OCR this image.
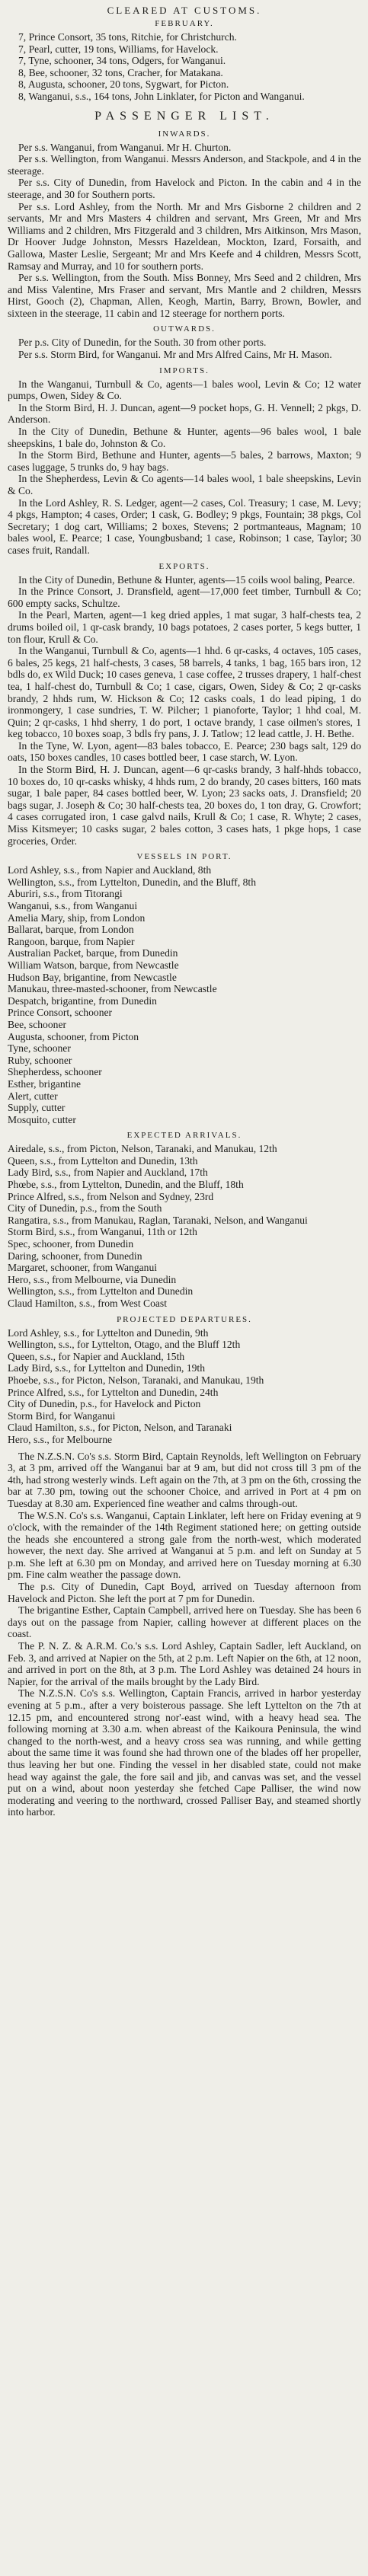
CLEARED AT CUSTOMS.
FEBRUARY.

7, Prince Consort, 35 tons, Ritchie, for Christchurch.

7, Pearl, cutter, 19 tons, Williams, for Havelock.

7, Tyne, schooner, 34 tons, Odgers, for Wanganui.

8, Bee, schooner, 32 tons, Cracher, for Matakana.

8, Augusta, schooner, 20 tons, Sygwart, for Picton.

8, Wanganui, s.s., 164 tons, John Linklater, for Picton and Wanganui.

PASSENGER LIST.
INWARDS.

Per s.s. Wanganui, from Wanganui. Mr H. Churton.

Per s.s. Wellington, from Wanganui. Messrs Anderson, and Stackpole, and 4 in the steerage.

Per s.s. City of Dunedin, from Havelock and Picton. In the cabin and 4 in the steerage, and 30 for Southern ports.

Per s.s. Lord Ashley, from the North. Mr and Mrs Gisborne 2 children and 2 servants, Mr and Mrs Masters 4 children and servant, Mrs Green, Mr and Mrs Williams and 2 children, Mrs Fitzgerald and 3 children, Mrs Aitkinson, Mrs Mason, Dr Hoover Judge Johnston, Messrs Hazeldean, Mockton, Izard, Forsaith, and Gallowa, Master Leslie, Sergeant; Mr and Mrs Keefe and 4 children, Messrs Scott, Ramsay and Murray, and 10 for southern ports.

Per s.s. Wellington, from the South. Miss Bonney, Mrs Seed and 2 children, Mrs and Miss Valentine, Mrs Fraser and servant, Mrs Mantle and 2 children, Messrs Hirst, Gooch (2), Chapman, Allen, Keogh, Martin, Barry, Brown, Bowler, and sixteen in the steerage, 11 cabin and 12 steerage for northern ports.

OUTWARDS.

Per p.s. City of Dunedin, for the South. 30 from other ports.

Per s.s. Storm Bird, for Wanganui. Mr and Mrs Alfred Cains, Mr H. Mason.

IMPORTS.

In the Wanganui, Turnbull & Co, agents—1 bales wool, Levin & Co; 12 water pumps, Owen, Sidey & Co.

In the Storm Bird, H. J. Duncan, agent—9 pocket hops, G. H. Vennell; 2 pkgs, D. Anderson.

In the City of Dunedin, Bethune & Hunter, agents—96 bales wool, 1 bale sheepskins, 1 bale do, Johnston & Co.

In the Storm Bird, Bethune and Hunter, agents—5 bales, 2 barrows, Maxton; 9 cases luggage, 5 trunks do, 9 hay bags.

In the Shepherdess, Levin & Co agents—14 bales wool, 1 bale sheepskins, Levin & Co.

In the Lord Ashley, R. S. Ledger, agent—2 cases, Col. Treasury; 1 case, M. Levy; 4 pkgs, Hampton; 4 cases, Order; 1 cask, G. Bodley; 9 pkgs, Fountain; 38 pkgs, Col Secretary; 1 dog cart, Williams; 2 boxes, Stevens; 2 portmanteaus, Magnam; 10 bales wool, E. Pearce; 1 case, Youngbusband; 1 case, Robinson; 1 case, Taylor; 30 cases fruit, Randall.

EXPORTS.

In the City of Dunedin, Bethune & Hunter, agents—15 coils wool baling, Pearce.

In the Prince Consort, J. Dransfield, agent—17,000 feet timber, Turnbull & Co; 600 empty sacks, Schultze.

In the Pearl, Marten, agent—1 keg dried apples, 1 mat sugar, 3 half-chests tea, 2 drums boiled oil, 1 qr-cask brandy, 10 bags potatoes, 2 cases porter, 5 kegs butter, 1 ton flour, Krull & Co.

In the Wanganui, Turnbull & Co, agents—1 hhd. 6 qr-casks, 4 octaves, 105 cases, 6 bales, 25 kegs, 21 half-chests, 3 cases, 58 barrels, 4 tanks, 1 bag, 165 bars iron, 12 bdls do, ex Wild Duck; 10 cases geneva, 1 case coffee, 2 trusses drapery, 1 half-chest tea, 1 half-chest do, Turnbull & Co; 1 case, cigars, Owen, Sidey & Co; 2 qr-casks brandy, 2 hhds rum, W. Hickson & Co; 12 casks coals, 1 do lead piping, 1 do ironmongery, 1 case sundries, T. W. Pilcher; 1 pianoforte, Taylor; 1 hhd coal, M. Quin; 2 qr-casks, 1 hhd sherry, 1 do port, 1 octave brandy, 1 case oilmen's stores, 1 keg tobacco, 10 boxes soap, 3 bdls fry pans, J. J. Tatlow; 12 lead cattle, J. H. Bethe.

In the Tyne, W. Lyon, agent—83 bales tobacco, E. Pearce; 230 bags salt, 129 do oats, 150 boxes candles, 10 cases bottled beer, 1 case starch, W. Lyon.

In the Storm Bird, H. J. Duncan, agent—6 qr-casks brandy, 3 half-hhds tobacco, 10 boxes do, 10 qr-casks whisky, 4 hhds rum, 2 do brandy, 20 cases bitters, 160 mats sugar, 1 bale paper, 84 cases bottled beer, W. Lyon; 23 sacks oats, J. Dransfield; 20 bags sugar, J. Joseph & Co; 30 half-chests tea, 20 boxes do, 1 ton dray, G. Crowfort; 4 cases corrugated iron, 1 case galvd nails, Krull & Co; 1 case, R. Whyte; 2 cases, Miss Kitsmeyer; 10 casks sugar, 2 bales cotton, 3 cases hats, 1 pkge hops, 1 case groceries, Order.

VESSELS IN PORT.

Lord Ashley, s.s., from Napier and Auckland, 8th

Wellington, s.s., from Lyttelton, Dunedin, and the Bluff, 8th

Aburiri, s.s., from Titorangi

Wanganui, s.s., from Wanganui

Amelia Mary, ship, from London

Ballarat, barque, from London

Rangoon, barque, from Napier

Australian Packet, barque, from Dunedin

William Watson, barque, from Newcastle

Hudson Bay, brigantine, from Newcastle

Manukau, three-masted-schooner, from Newcastle

Despatch, brigantine, from Dunedin

Prince Consort, schooner

Bee, schooner

Augusta, schooner, from Picton

Tyne, schooner

Ruby, schooner

Shepherdess, schooner

Esther, brigantine

Alert, cutter

Supply, cutter

Mosquito, cutter

EXPECTED ARRIVALS.

Airedale, s.s., from Picton, Nelson, Taranaki, and Manukau, 12th

Queen, s.s., from Lyttelton and Dunedin, 13th

Lady Bird, s.s., from Napier and Auckland, 17th

Phœbe, s.s., from Lyttelton, Dunedin, and the Bluff, 18th

Prince Alfred, s.s., from Nelson and Sydney, 23rd

City of Dunedin, p.s., from the South

Rangatira, s.s., from Manukau, Raglan, Taranaki, Nelson, and Wanganui

Storm Bird, s.s., from Wanganui, 11th or 12th

Spec, schooner, from Dunedin

Daring, schooner, from Dunedin

Margaret, schooner, from Wanganui

Hero, s.s., from Melbourne, via Dunedin

Wellington, s.s., from Lyttelton and Dunedin

Claud Hamilton, s.s., from West Coast

PROJECTED DEPARTURES.

Lord Ashley, s.s., for Lyttelton and Dunedin, 9th

Wellington, s.s., for Lyttelton, Otago, and the Bluff 12th

Queen, s.s., for Napier and Auckland, 15th

Lady Bird, s.s., for Lyttelton and Dunedin, 19th

Phoebe, s.s., for Picton, Nelson, Taranaki, and Manukau, 19th

Prince Alfred, s.s., for Lyttelton and Dunedin, 24th

City of Dunedin, p.s., for Havelock and Picton

Storm Bird, for Wanganui

Claud Hamilton, s.s., for Picton, Nelson, and Taranaki

Hero, s.s., for Melbourne

The N.Z.S.N. Co's s.s. Storm Bird, Captain Reynolds, left Wellington on February 3, at 3 pm, arrived off the Wanganui bar at 9 am, but did not cross till 3 pm of the 4th, had strong westerly winds. Left again on the 7th, at 3 pm on the 6th, crossing the bar at 7.30 pm, towing out the schooner Choice, and arrived in Port at 4 pm on Tuesday at 8.30 am. Experienced fine weather and calms through-out.

The W.S.N. Co's s.s. Wanganui, Captain Linklater, left here on Friday evening at 9 o'clock, with the remainder of the 14th Regiment stationed here; on getting outside the heads she encountered a strong gale from the north-west, which moderated however, the next day. She arrived at Wanganui at 5 p.m. and left on Sunday at 5 p.m. She left at 6.30 pm on Monday, and arrived here on Tuesday morning at 6.30 pm. Fine calm weather the passage down.

The p.s. City of Dunedin, Capt Boyd, arrived on Tuesday afternoon from Havelock and Picton. She left the port at 7 pm for Dunedin.

The brigantine Esther, Captain Campbell, arrived here on Tuesday. She has been 6 days out on the passage from Napier, calling however at different places on the coast.

The P. N. Z. & A.R.M. Co.'s s.s. Lord Ashley, Captain Sadler, left Auckland, on Feb. 3, and arrived at Napier on the 5th, at 2 p.m. Left Napier on the 6th, at 12 noon, and arrived in port on the 8th, at 3 p.m. The Lord Ashley was detained 24 hours in Napier, for the arrival of the mails brought by the Lady Bird.

The N.Z.S.N. Co's s.s. Wellington, Captain Francis, arrived in harbor yesterday evening at 5 p.m., after a very boisterous passage. She left Lyttelton on the 7th at 12.15 pm, and encountered strong nor'-east wind, with a heavy head sea. The following morning at 3.30 a.m. when abreast of the Kaikoura Peninsula, the wind changed to the north-west, and a heavy cross sea was running, and while getting about the same time it was found she had thrown one of the blades off her propeller, thus leaving her but one. Finding the vessel in her disabled state, could not make head way against the gale, the fore sail and jib, and canvas was set, and the vessel put on a wind, about noon yesterday she fetched Cape Palliser, the wind now moderating and veering to the northward, crossed Palliser Bay, and steamed shortly into harbor.
